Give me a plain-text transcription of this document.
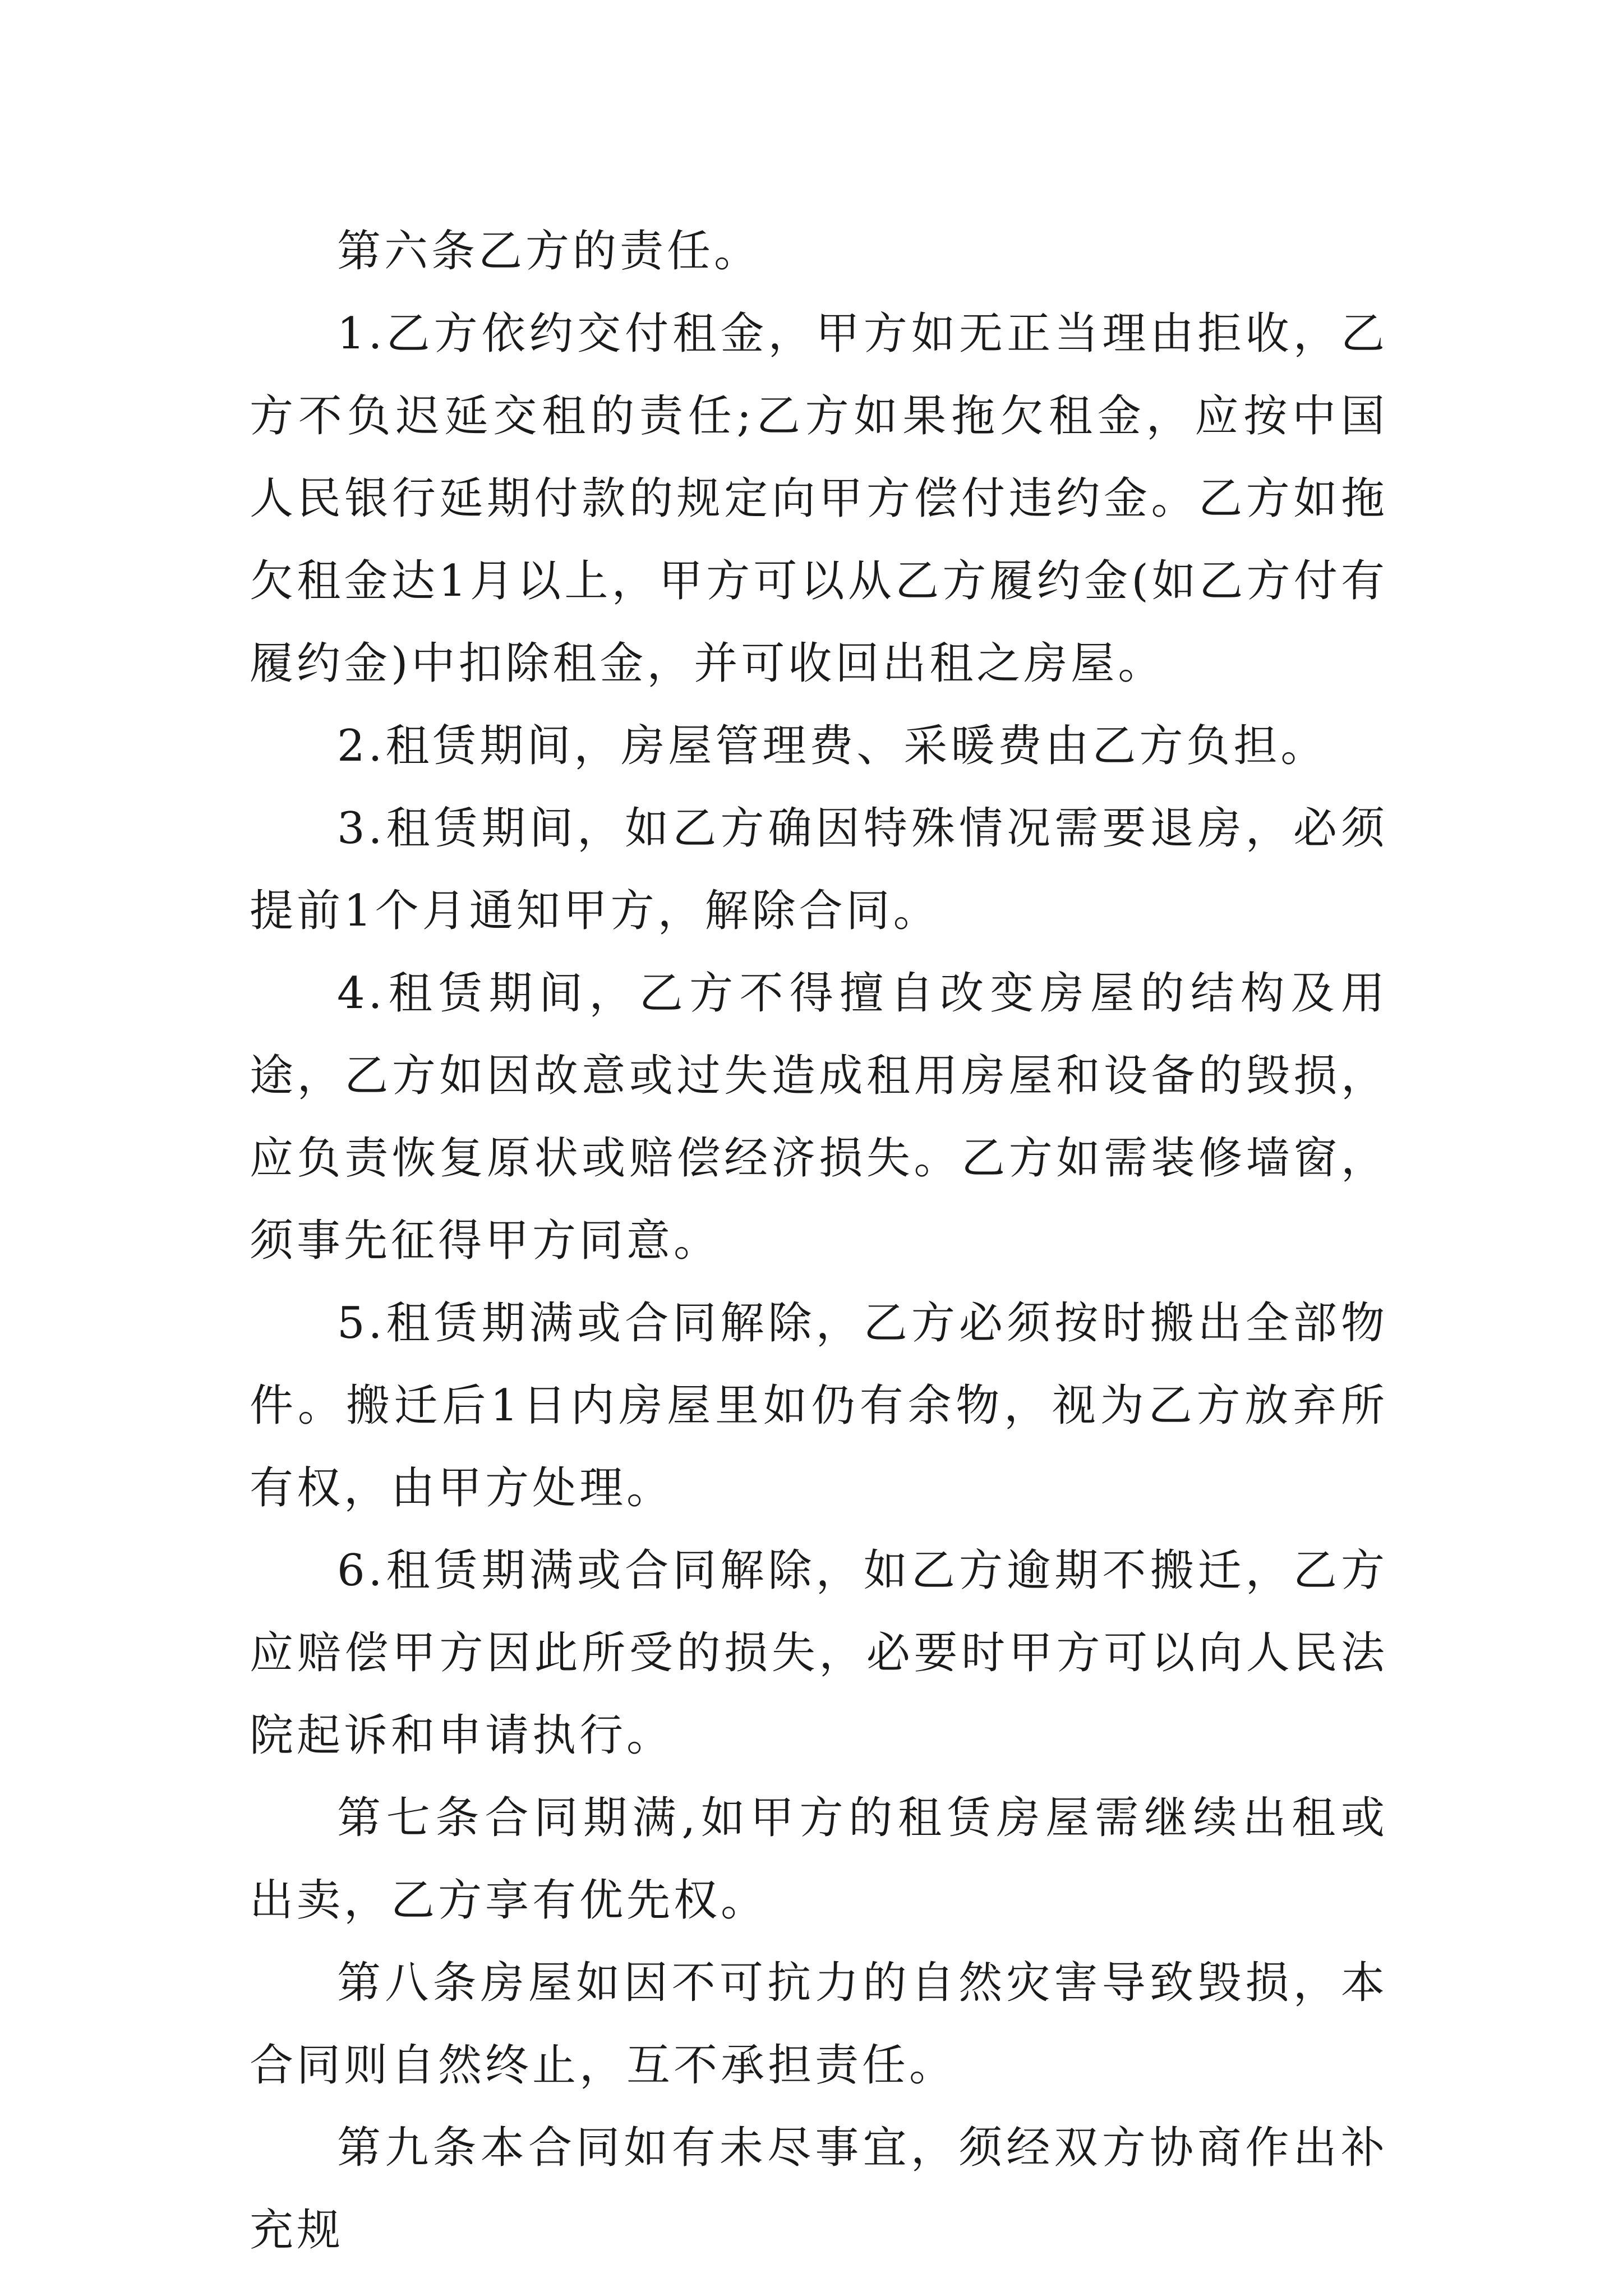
第六条乙方的责任。

1.乙方依约交付租金，甲方如无正当理由拒收，乙方不负迟延交租的责任;乙方如果拖欠租金，应按中国人民银行延期付款的规定向甲方偿付违约金。乙方如拖欠租金达1月以上，甲方可以从乙方履约金(如乙方付有履约金)中扣除租金，并可收回出租之房屋。

2.租赁期间，房屋管理费、采暖费由乙方负担。

3.租赁期间，如乙方确因特殊情况需要退房，必须提前1个月通知甲方，解除合同。

4.租赁期间，乙方不得擅自改变房屋的结构及用途，乙方如因故意或过失造成租用房屋和设备的毁损，应负责恢复原状或赔偿经济损失。乙方如需装修墙窗，须事先征得甲方同意。

5.租赁期满或合同解除，乙方必须按时搬出全部物件。搬迁后1日内房屋里如仍有余物，视为乙方放弃所有权，由甲方处理。

6.租赁期满或合同解除，如乙方逾期不搬迁，乙方应赔偿甲方因此所受的损失，必要时甲方可以向人民法院起诉和申请执行。

第七条合同期满,如甲方的租赁房屋需继续出租或出卖，乙方享有优先权。

第八条房屋如因不可抗力的自然灾害导致毁损，本合同则自然终止，互不承担责任。

第九条本合同如有未尽事宜，须经双方协商作出补充规
